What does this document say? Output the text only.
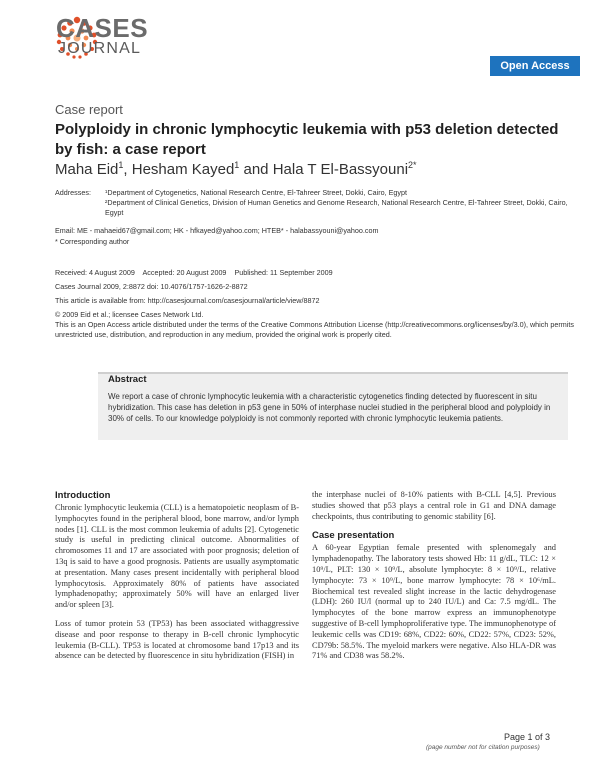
CASES
JOURNAL
Open Access
Case report
Polyploidy in chronic lymphocytic leukemia with p53 deletion detected by fish: a case report
Maha Eid$^1$, Hesham Kayed$^1$ and Hala T El-Bassyouni$^{2*}$
Addresses:	¹Department of Cytogenetics, National Research Centre, El-Tahreer Street, Dokki, Cairo, Egypt
²Department of Clinical Genetics, Division of Human Genetics and Genome Research, National Research Centre, El-Tahreer Street, Dokki, Cairo, Egypt
Email: ME - mahaeid67@gmail.com; HK - hfkayed@yahoo.com; HTEB* - halabassyouni@yahoo.com
* Corresponding author
Received: 4 August 2009 Accepted: 20 August 2009 Published: 11 September 2009
Cases Journal 2009, 2:8872 doi: 10.4076/1757-1626-2-8872
This article is available from: http://casesjournal.com/casesjournal/article/view/8872
© 2009 Eid et al.; licensee Cases Network Ltd.
This is an Open Access article distributed under the terms of the Creative Commons Attribution License (http://creativecommons.org/licenses/by/3.0), which permits unrestricted use, distribution, and reproduction in any medium, provided the original work is properly cited.
Abstract
We report a case of chronic lymphocytic leukemia with a characteristic cytogenetics finding detected by fluorescent in situ hybridization. This case has deletion in p53 gene in 50% of interphase nuclei studied in the peripheral blood and polyploidy in 30% of cells. To our knowledge polyploidy is not commonly reported with chronic lymphocytic leukemia patients.
Introduction

Chronic lymphocytic leukemia (CLL) is a hematopoietic neoplasm of B-lymphocytes found in the peripheral blood, bone marrow, and/or lymph nodes [1]. CLL is the most common leukemia of adults [2]. Cytogenetic study is useful in predicting clinical outcome. Abnormalities of chromosomes 11 and 17 are associated with poor prognosis; deletion of 13q is said to have a good prognosis. Patients are usually asymptomatic at presentation. Many cases present incidentally with peripheral blood lymphocytosis. Approximately 80% of patients have associated lymphadenopathy; approximately 50% will have an enlarged liver and/or spleen [3].

Loss of tumor protein 53 (TP53) has been associated withaggressive disease and poor response to therapy in B-cell chronic lymphocytic leukemia (B-CLL). TP53 is located at chromosome band 17p13 and its absence can be detected by fluorescence in situ hybridization (FISH) in

the interphase nuclei of 8-10% patients with B-CLL [4,5]. Previous studies showed that p53 plays a central role in G1 and DNA damage checkpoints, thus contributing to genomic stability [6].

Case presentation

A 60-year Egyptian female presented with splenomegaly and lymphadenopathy. The laboratory tests showed Hb: 11 g/dL, TLC: 12 × 10⁹/L, PLT: 130 × 10⁹/L, absolute lymphocyte: 8 × 10⁹/L, relative lymphocyte: 73 × 10⁹/L, bone marrow lymphocyte: 78 × 10⁶/mL. Biochemical test revealed slight increase in the lactic dehydrogenase (LDH): 260 IU/l (normal up to 240 IU/L) and Ca: 7.5 mg/dL. The lymphocytes of the bone marrow express an immunophenotype suggestive of B-cell lymphoproliferative type. The immunophenotype of leukemic cells was CD19: 68%, CD22: 60%, CD22: 57%, CD23: 52%, CD79b: 58.5%. The myeloid markers were negative. Also HLA-DR was 71% and CD38 was 58.2%.

Page 1 of 3
(page number not for citation purposes)
